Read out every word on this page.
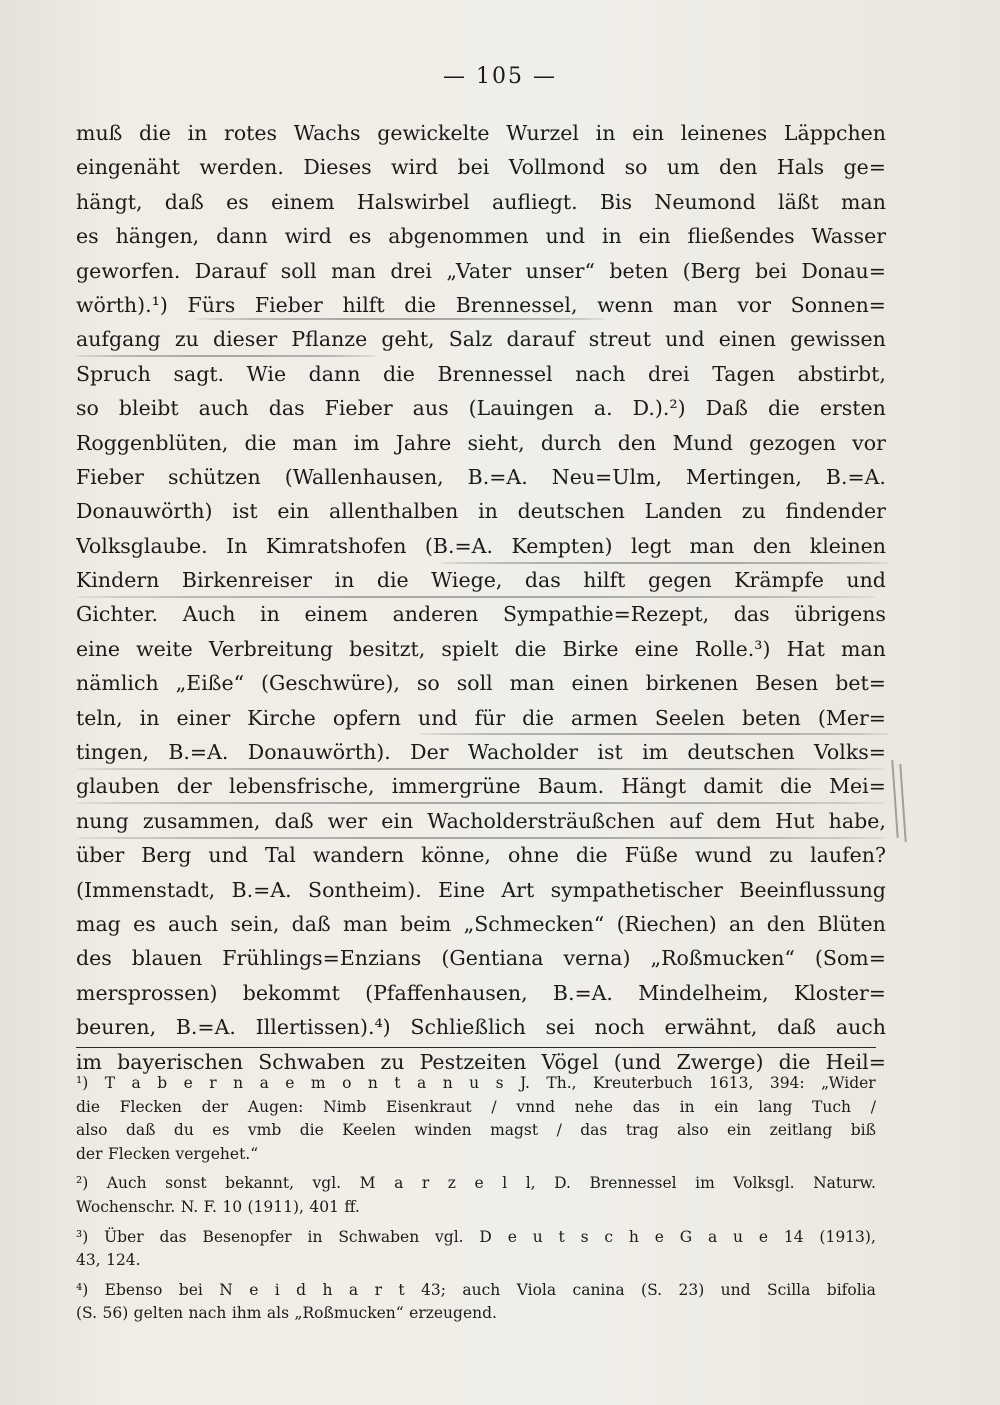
— 105 —
muß die in rotes Wachs gewickelte Wurzel in ein leinenes Läppchen
eingenäht werden. Dieses wird bei Vollmond so um den Hals ge=
hängt, daß es einem Halswirbel aufliegt. Bis Neumond läßt man
es hängen, dann wird es abgenommen und in ein fließendes Wasser
geworfen. Darauf soll man drei „Vater unser“ beten (Berg bei Donau=
wörth).¹) Fürs Fieber hilft die Brennessel, wenn man vor Sonnen=
aufgang zu dieser Pflanze geht, Salz darauf streut und einen gewissen
Spruch sagt. Wie dann die Brennessel nach drei Tagen abstirbt,
so bleibt auch das Fieber aus (Lauingen a. D.).²) Daß die ersten
Roggenblüten, die man im Jahre sieht, durch den Mund gezogen vor
Fieber schützen (Wallenhausen, B.=A. Neu=Ulm, Mertingen, B.=A.
Donauwörth) ist ein allenthalben in deutschen Landen zu findender
Volksglaube. In Kimratshofen (B.=A. Kempten) legt man den kleinen
Kindern Birkenreiser in die Wiege, das hilft gegen Krämpfe und
Gichter. Auch in einem anderen Sympathie=Rezept, das übrigens
eine weite Verbreitung besitzt, spielt die Birke eine Rolle.³) Hat man
nämlich „Eiße“ (Geschwüre), so soll man einen birkenen Besen bet=
teln, in einer Kirche opfern und für die armen Seelen beten (Mer=
tingen, B.=A. Donauwörth). Der Wacholder ist im deutschen Volks=
glauben der lebensfrische, immergrüne Baum. Hängt damit die Mei=
nung zusammen, daß wer ein Wacholdersträußchen auf dem Hut habe,
über Berg und Tal wandern könne, ohne die Füße wund zu laufen?
(Immenstadt, B.=A. Sontheim). Eine Art sympathetischer Beeinflussung
mag es auch sein, daß man beim „Schmecken“ (Riechen) an den Blüten
des blauen Frühlings=Enzians (Gentiana verna) „Roßmucken“ (Som=
mersprossen) bekommt (Pfaffenhausen, B.=A. Mindelheim, Kloster=
beuren, B.=A. Illertissen).⁴) Schließlich sei noch erwähnt, daß auch
im bayerischen Schwaben zu Pestzeiten Vögel (und Zwerge) die Heil=
¹) T a b e r n a e m o n t a n u s J. Th., Kreuterbuch 1613, 394: „Wider
die Flecken der Augen: Nimb Eisenkraut / vnnd nehe das in ein lang Tuch /
also daß du es vmb die Keelen winden magst / das trag also ein zeitlang biß
der Flecken vergehet.“
²) Auch sonst bekannt, vgl. M a r z e l l, D. Brennessel im Volksgl. Naturw.
Wochenschr. N. F. 10 (1911), 401 ff.
³) Über das Besenopfer in Schwaben vgl. D e u t s c h e G a u e 14 (1913),
43, 124.
⁴) Ebenso bei N e i d h a r t 43; auch Viola canina (S. 23) und Scilla bifolia
(S. 56) gelten nach ihm als „Roßmucken“ erzeugend.
